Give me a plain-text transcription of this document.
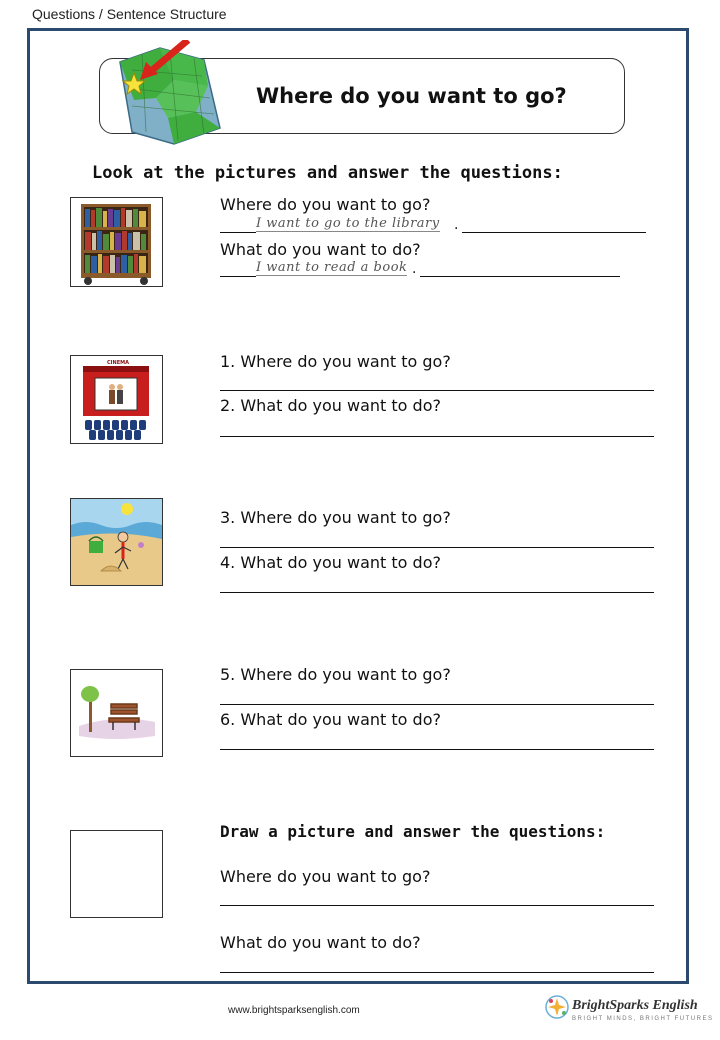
Questions / Sentence Structure
Where do you want to go?
Look at the pictures and answer the questions:
Where do you want to go?
I want to go to the library .
What do you want to do?
I want to read a book .
CINEMA	1. Where do you want to go?
2. What do you want to do?
3. Where do you want to go?
4. What do you want to do?
5. Where do you want to go?
6. What do you want to do?
Draw a picture and answer the questions:
Where do you want to go?
What do you want to do?
www.brightsparksenglish.com	BrightSparks English
BRIGHT MINDS, BRIGHT FUTURES
